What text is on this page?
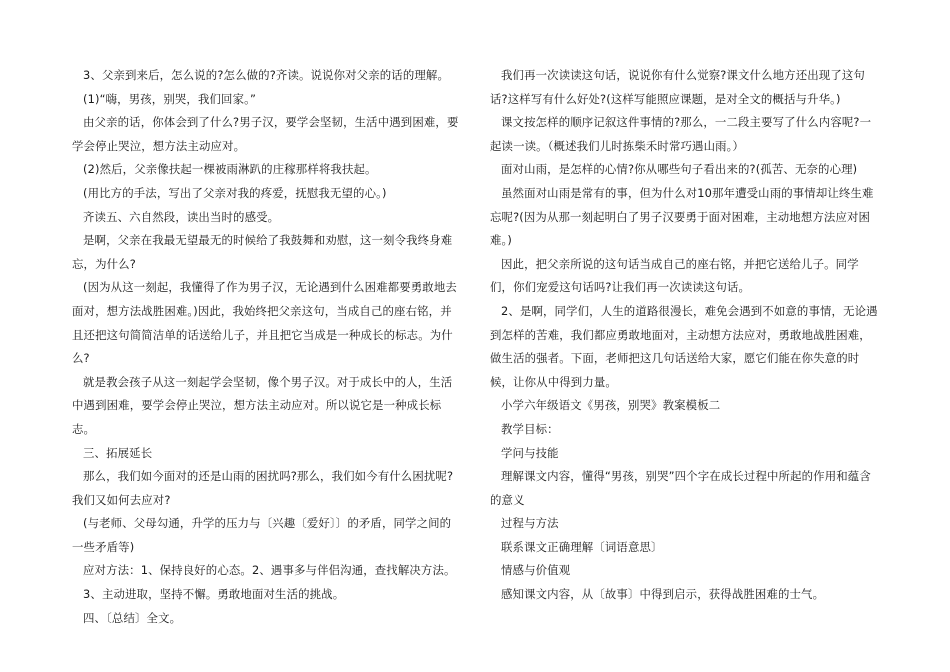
3、父亲到来后，怎么说的?怎么做的?齐读。说说你对父亲的话的理解。

(1)“嗨，男孩，别哭，我们回家。”

由父亲的话，你体会到了什么?男子汉，要学会坚韧，生活中遇到困难，要学会停止哭泣，想方法主动应对。

(2)然后，父亲像扶起一棵被雨淋趴的庄稼那样将我扶起。

(用比方的手法，写出了父亲对我的疼爱，抚慰我无望的心。)

齐读五、六自然段，读出当时的感受。

是啊，父亲在我最无望最无的时候给了我鼓舞和劝慰，这一刻令我终身难忘，为什么?

(因为从这一刻起，我懂得了作为男子汉，无论遇到什么困难都要勇敢地去面对，想方法战胜困难。)因此，我始终把父亲这句，当成自己的座右铭，并且还把这句简简洁单的话送给儿子，并且把它当成是一种成长的标志。为什么?

就是教会孩子从这一刻起学会坚韧，像个男子汉。对于成长中的人，生活中遇到困难，要学会停止哭泣，想方法主动应对。所以说它是一种成长标志。

三、拓展延长

那么，我们如今面对的还是山雨的困扰吗?那么，我们如今有什么困扰呢?我们又如何去应对?

(与老师、父母勾通，升学的压力与〔兴趣〔爱好〕〕的矛盾，同学之间的一些矛盾等)

应对方法：1、保持良好的心态。2、遇事多与伴侣沟通，查找解决方法。

3、主动进取，坚持不懈。勇敢地面对生活的挑战。

四、〔总结〕全文。

我们再一次读读这句话，说说你有什么觉察?课文什么地方还出现了这句话?这样写有什么好处?(这样写能照应课题，是对全文的概括与升华。)

课文按怎样的顺序记叙这件事情的?那么，一二段主要写了什么内容呢?一起读一读。（概述我们儿时拣柴禾时常巧遇山雨。）

面对山雨，是怎样的心情?你从哪些句子看出来的?(孤苦、无奈的心理)

虽然面对山雨是常有的事，但为什么对10那年遭受山雨的事情却让终生难忘呢?(因为从那一刻起明白了男子汉要勇于面对困难，主动地想方法应对困难。)

因此，把父亲所说的这句话当成自己的座右铭，并把它送给儿子。同学们，你们宠爱这句话吗?让我们再一次读读这句话。

2、是啊，同学们，人生的道路很漫长，难免会遇到不如意的事情，无论遇到怎样的苦难，我们都应勇敢地面对，主动想方法应对，勇敢地战胜困难，做生活的强者。下面，老师把这几句话送给大家，愿它们能在你失意的时候，让你从中得到力量。

小学六年级语文《男孩，别哭》教案模板二

教学目标：

学问与技能

理解课文内容，懂得“男孩，别哭”四个字在成长过程中所起的作用和蕴含的意义

过程与方法

联系课文正确理解〔词语意思〕

情感与价值观

感知课文内容，从〔故事〕中得到启示，获得战胜困难的士气。
